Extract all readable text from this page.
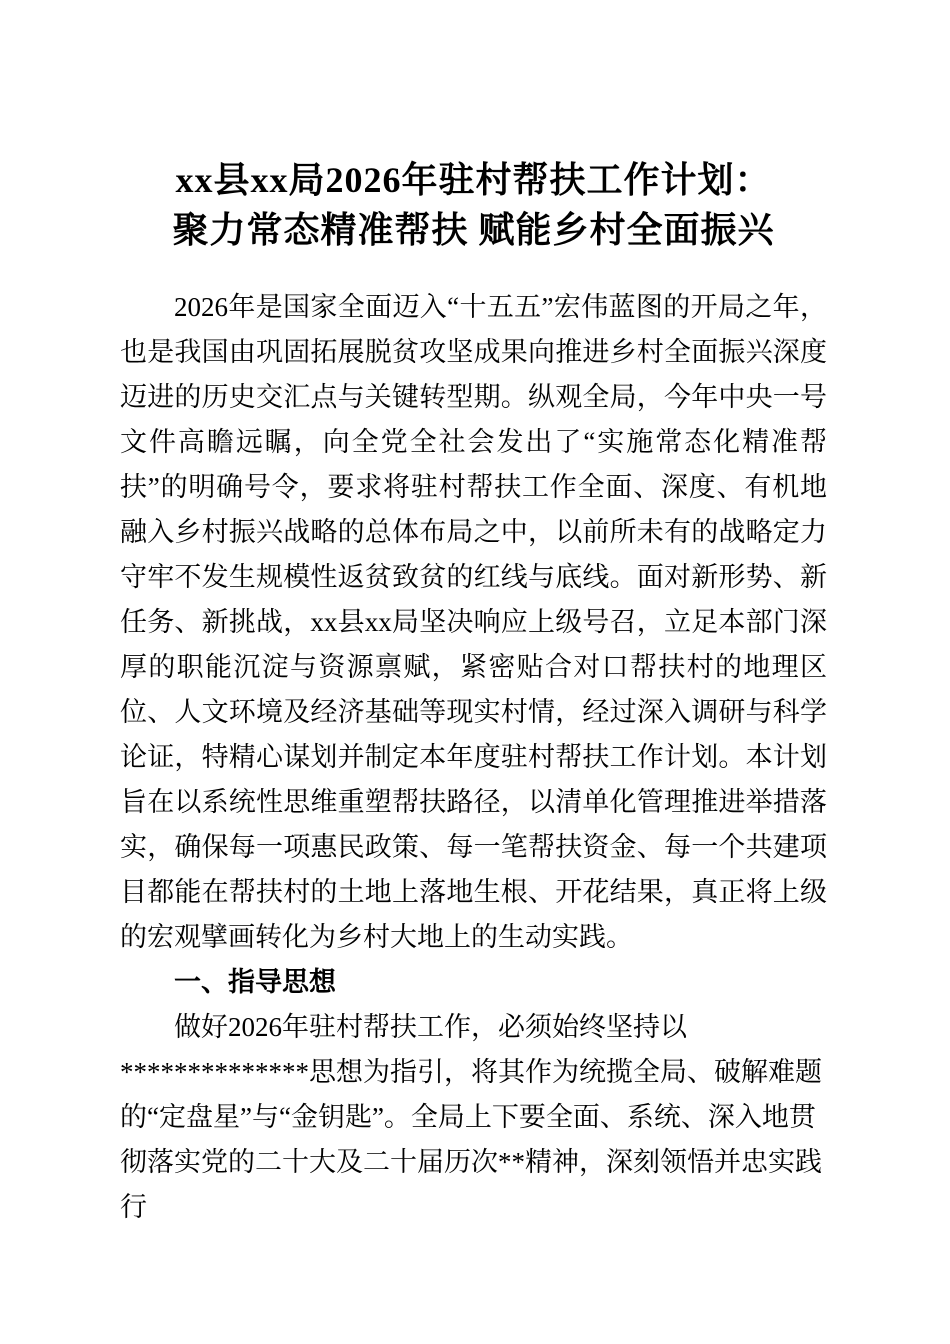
xx县xx局2026年驻村帮扶工作计划：
聚力常态精准帮扶 赋能乡村全面振兴

2026年是国家全面迈入“十五五”宏伟蓝图的开局之年，也是我国由巩固拓展脱贫攻坚成果向推进乡村全面振兴深度迈进的历史交汇点与关键转型期。纵观全局，今年中央一号文件高瞻远瞩，向全党全社会发出了“实施常态化精准帮扶”的明确号令，要求将驻村帮扶工作全面、深度、有机地融入乡村振兴战略的总体布局之中，以前所未有的战略定力守牢不发生规模性返贫致贫的红线与底线。面对新形势、新任务、新挑战，xx县xx局坚决响应上级号召，立足本部门深厚的职能沉淀与资源禀赋，紧密贴合对口帮扶村的地理区位、人文环境及经济基础等现实村情，经过深入调研与科学论证，特精心谋划并制定本年度驻村帮扶工作计划。本计划旨在以系统性思维重塑帮扶路径，以清单化管理推进举措落实，确保每一项惠民政策、每一笔帮扶资金、每一个共建项目都能在帮扶村的土地上落地生根、开花结果，真正将上级的宏观擘画转化为乡村大地上的生动实践。

一、指导思想

做好2026年驻村帮扶工作，必须始终坚持以**************思想为指引，将其作为统揽全局、破解难题的“定盘星”与“金钥匙”。全局上下要全面、系统、深入地贯彻落实党的二十大及二十届历次**精神，深刻领悟并忠实践行
